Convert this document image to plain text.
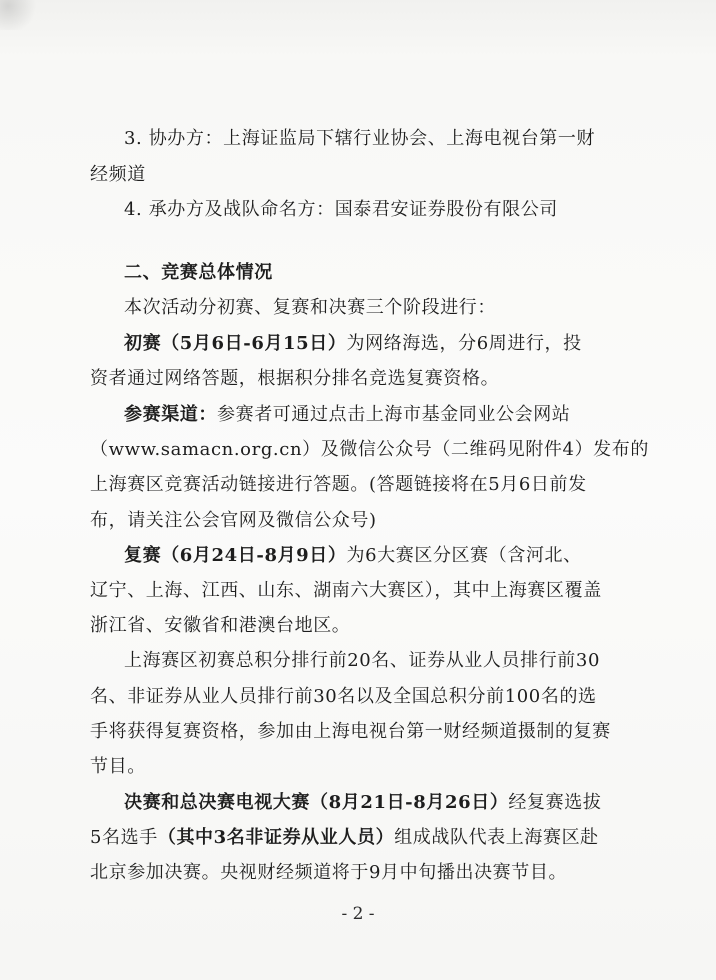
3. 协办方：上海证监局下辖行业协会、上海电视台第一财
经频道
4. 承办方及战队命名方：国泰君安证券股份有限公司
二、竞赛总体情况
本次活动分初赛、复赛和决赛三个阶段进行：
初赛（5月6日-6月15日）为网络海选，分6周进行，投
资者通过网络答题，根据积分排名竞选复赛资格。
参赛渠道：参赛者可通过点击上海市基金同业公会网站
（www.samacn.org.cn）及微信公众号（二维码见附件4）发布的
上海赛区竞赛活动链接进行答题。(答题链接将在5月6日前发
布，请关注公会官网及微信公众号)
复赛（6月24日-8月9日）为6大赛区分区赛（含河北、
辽宁、上海、江西、山东、湖南六大赛区），其中上海赛区覆盖
浙江省、安徽省和港澳台地区。
上海赛区初赛总积分排行前20名、证券从业人员排行前30
名、非证券从业人员排行前30名以及全国总积分前100名的选
手将获得复赛资格，参加由上海电视台第一财经频道摄制的复赛
节目。
决赛和总决赛电视大赛（8月21日-8月26日）经复赛选拔
5名选手（其中3名非证券从业人员）组成战队代表上海赛区赴
北京参加决赛。央视财经频道将于9月中旬播出决赛节目。
- 2 -
